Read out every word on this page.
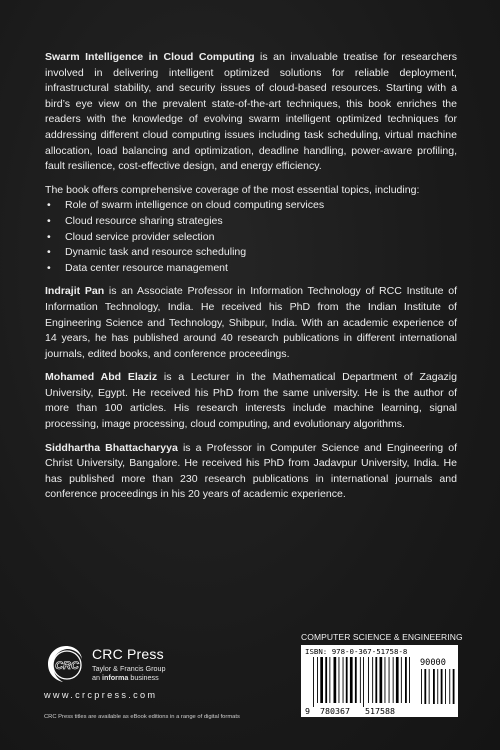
Swarm Intelligence in Cloud Computing is an invaluable treatise for researchers involved in delivering intelligent optimized solutions for reliable deployment, infrastructural stability, and security issues of cloud-based resources. Starting with a bird’s eye view on the prevalent state-of-the-art techniques, this book enriches the readers with the knowledge of evolving swarm intelligent optimized techniques for addressing different cloud computing issues including task scheduling, virtual machine allocation, load balancing and optimization, deadline handling, power-aware profiling, fault resilience, cost-effective design, and energy efficiency.

The book offers comprehensive coverage of the most essential topics, including:

• Role of swarm intelligence on cloud computing services
• Cloud resource sharing strategies
• Cloud service provider selection
• Dynamic task and resource scheduling
• Data center resource management

Indrajit Pan is an Associate Professor in Information Technology of RCC Institute of Information Technology, India. He received his PhD from the Indian Institute of Engineering Science and Technology, Shibpur, India. With an academic experience of 14 years, he has published around 40 research publications in different international journals, edited books, and conference proceedings.

Mohamed Abd Elaziz is a Lecturer in the Mathematical Department of Zagazig University, Egypt. He received his PhD from the same university. He is the author of more than 100 articles. His research interests include machine learning, signal processing, image processing, cloud computing, and evolutionary algorithms.

Siddhartha Bhattacharyya is a Professor in Computer Science and Engineering of Christ University, Bangalore. He received his PhD from Jadavpur University, India. He has published more than 230 research publications in international journals and conference proceedings in his 20 years of academic experience.

CRC
CRC Press
Taylor & Francis Group
an informa business
www.crcpress.com
CRC Press titles are available as eBook editions in a range of digital formats
COMPUTER SCIENCE & ENGINEERING
ISBN: 978-0-367-51758-8
90000
9 780367 517588
